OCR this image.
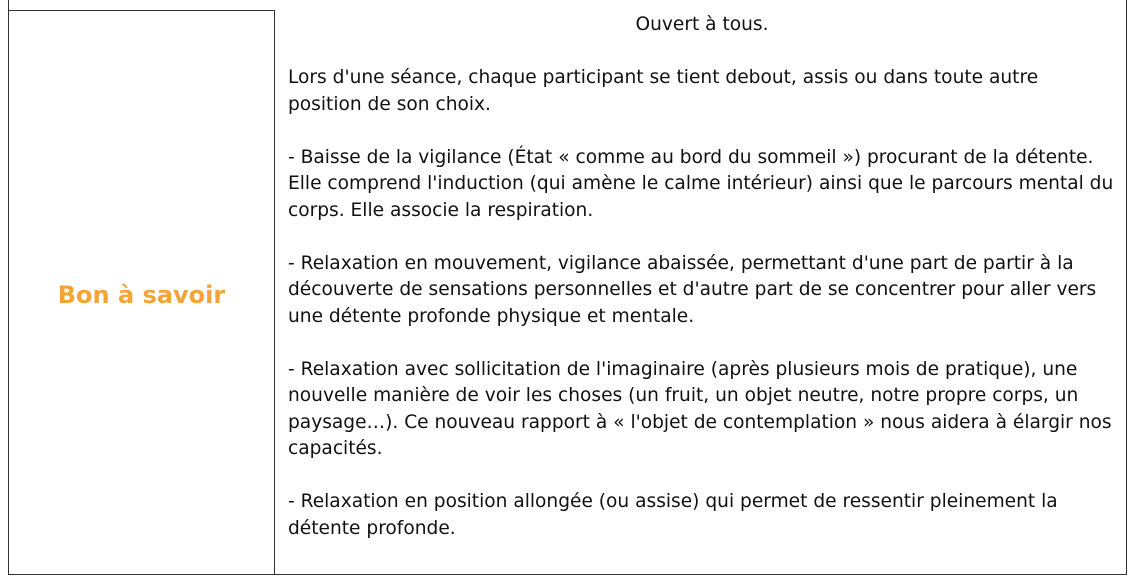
Bon à savoir

Ouvert à tous.

Lors d'une séance, chaque participant se tient debout, assis ou dans toute autre position de son choix.

- Baisse de la vigilance (État « comme au bord du sommeil ») procurant de la détente. Elle comprend l'induction (qui amène le calme intérieur) ainsi que le parcours mental du corps. Elle associe la respiration.

- Relaxation en mouvement, vigilance abaissée, permettant d'une part de partir à la découverte de sensations personnelles et d'autre part de se concentrer pour aller vers une détente profonde physique et mentale.

- Relaxation avec sollicitation de l'imaginaire (après plusieurs mois de pratique), une nouvelle manière de voir les choses (un fruit, un objet neutre, notre propre corps, un paysage…). Ce nouveau rapport à « l'objet de contemplation » nous aidera à élargir nos capacités.

- Relaxation en position allongée (ou assise) qui permet de ressentir pleinement la détente profonde.
